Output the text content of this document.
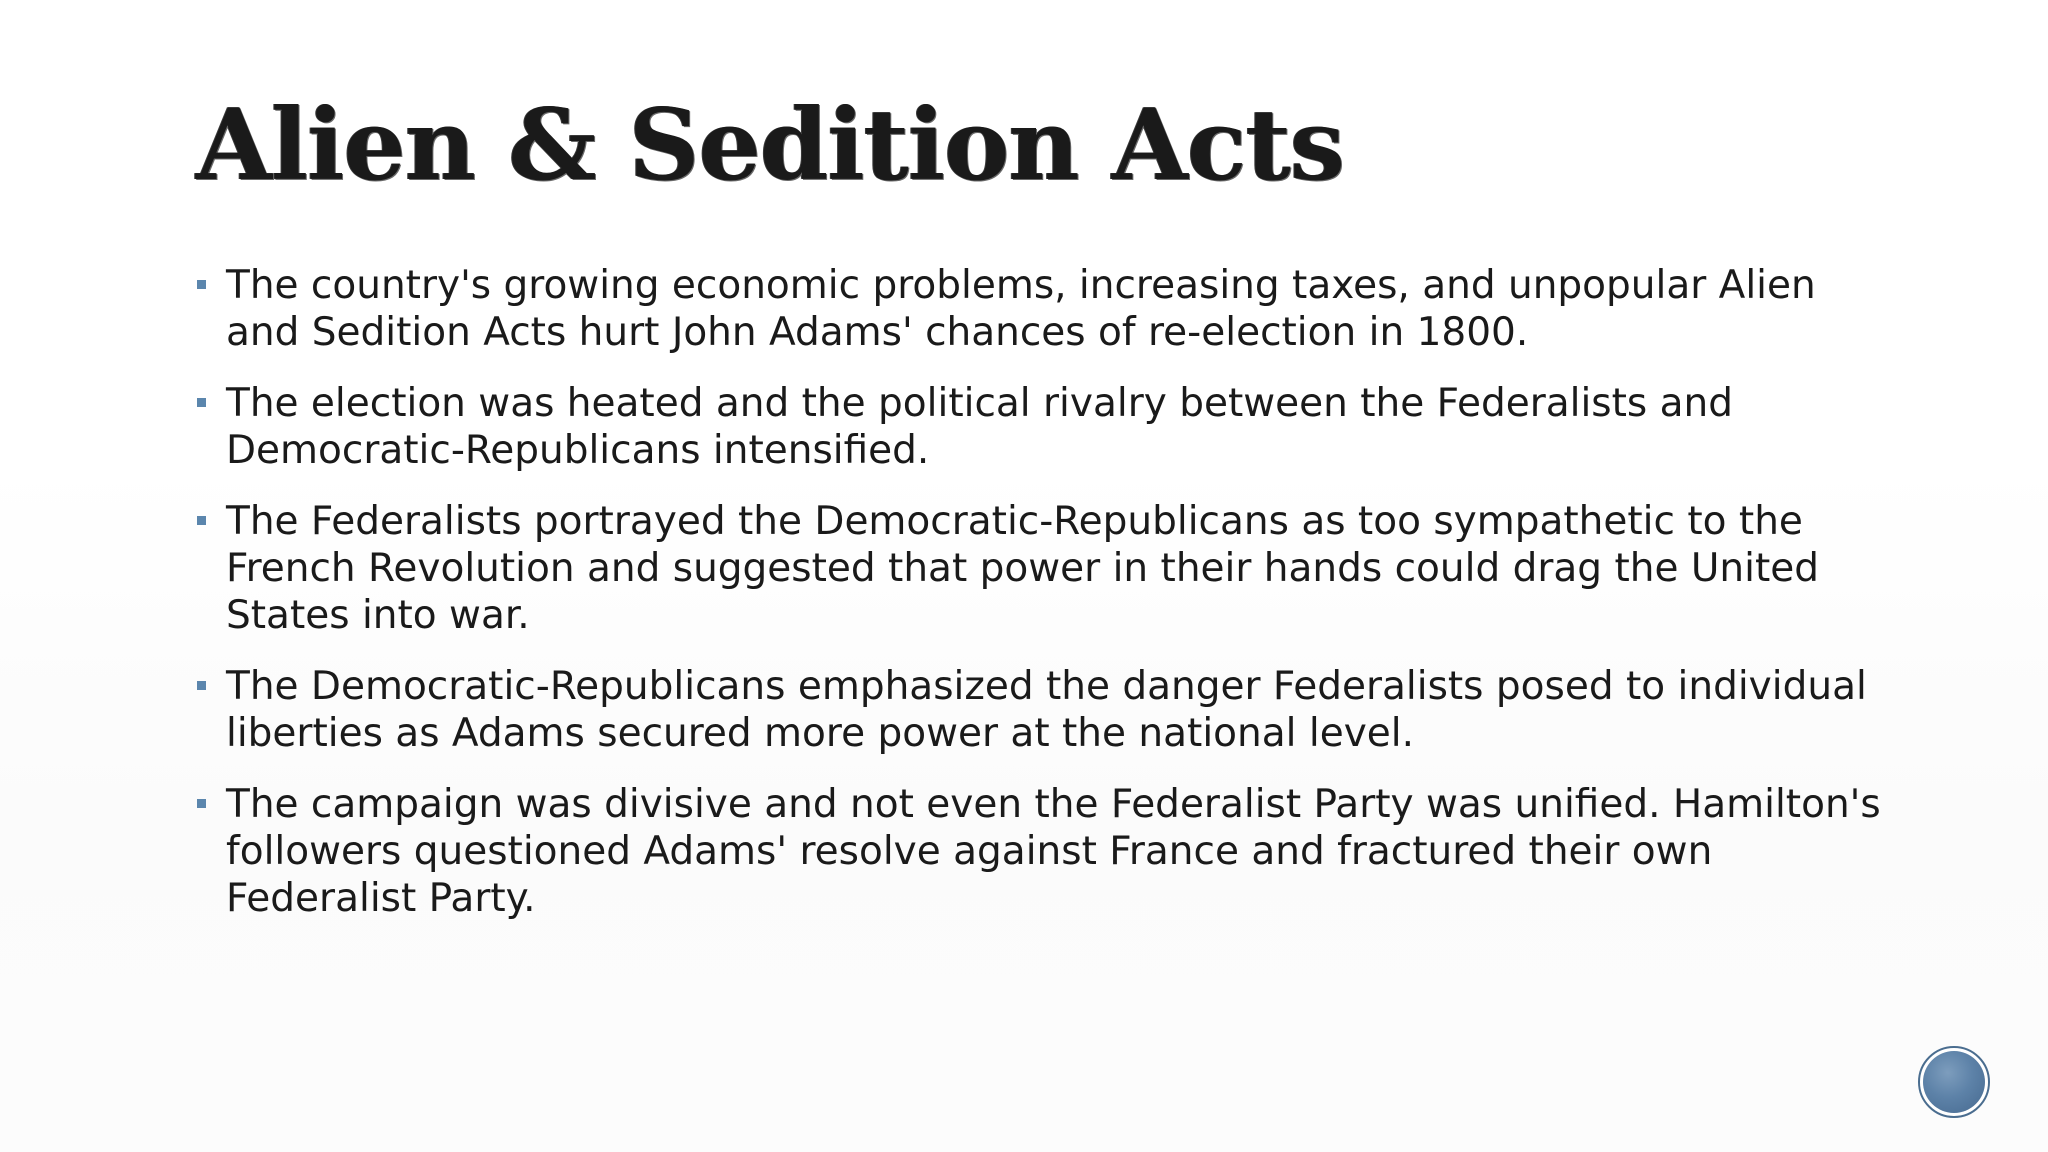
Alien & Sedition Acts
The country's growing economic problems, increasing taxes, and unpopular Alien and Sedition Acts hurt John Adams' chances of re-election in 1800.
The election was heated and the political rivalry between the Federalists and Democratic-Republicans intensified.
The Federalists portrayed the Democratic-Republicans as too sympathetic to the French Revolution and suggested that power in their hands could drag the United States into war.
The Democratic-Republicans emphasized the danger Federalists posed to individual liberties as Adams secured more power at the national level.
The campaign was divisive and not even the Federalist Party was unified. Hamilton's followers questioned Adams' resolve against France and fractured their own Federalist Party.
